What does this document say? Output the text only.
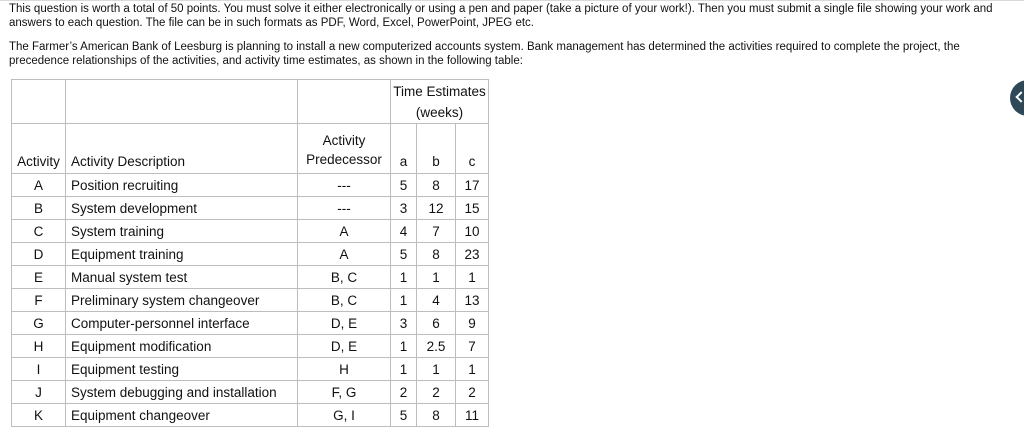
This question is worth a total of 50 points. You must solve it either electronically or using a pen and paper (take a picture of your work!). Then you must submit a single file showing your work and answers to each question. The file can be in such formats as PDF, Word, Excel, PowerPoint, JPEG etc.

The Farmer’s American Bank of Leesburg is planning to install a new computerized accounts system. Bank management has determined the activities required to complete the project, the precedence relationships of the activities, and activity time estimates, as shown in the following table:

			Time Estimates
(weeks)		

Activity	Activity Description	Activity
Predecessor	a	b	c
A	Position recruiting	---	5	8	17
B	System development	---	3	12	15
C	System training	A	4	7	10
D	Equipment training	A	5	8	23
E	Manual system test	B, C	1	1	1
F	Preliminary system changeover	B, C	1	4	13
G	Computer-personnel interface	D, E	3	6	9
H	Equipment modification	D, E	1	2.5	7
I	Equipment testing	H	1	1	1
J	System debugging and installation	F, G	2	2	2
K	Equipment changeover	G, I	5	8	11
